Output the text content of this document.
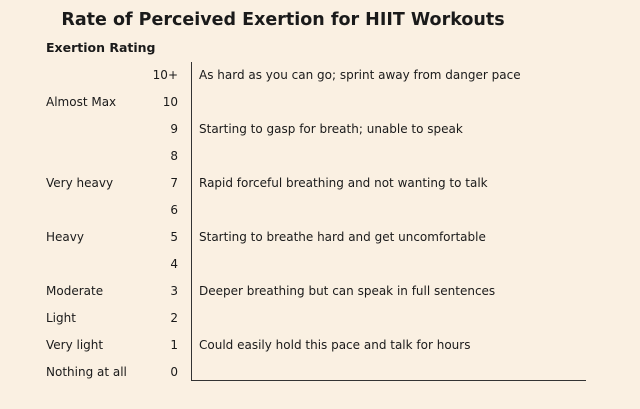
Rate of Perceived Exertion for HIIT Workouts
Exertion Rating
10+ As hard as you can go; sprint away from danger pace
Almost Max	10
9 Starting to gasp for breath; unable to speak
8
Very heavy	7 Rapid forceful breathing and not wanting to talk
6
Heavy	5 Starting to breathe hard and get uncomfortable
4
Moderate	3 Deeper breathing but can speak in full sentences
Light	2
Very light	1 Could easily hold this pace and talk for hours
Nothing at all	0
